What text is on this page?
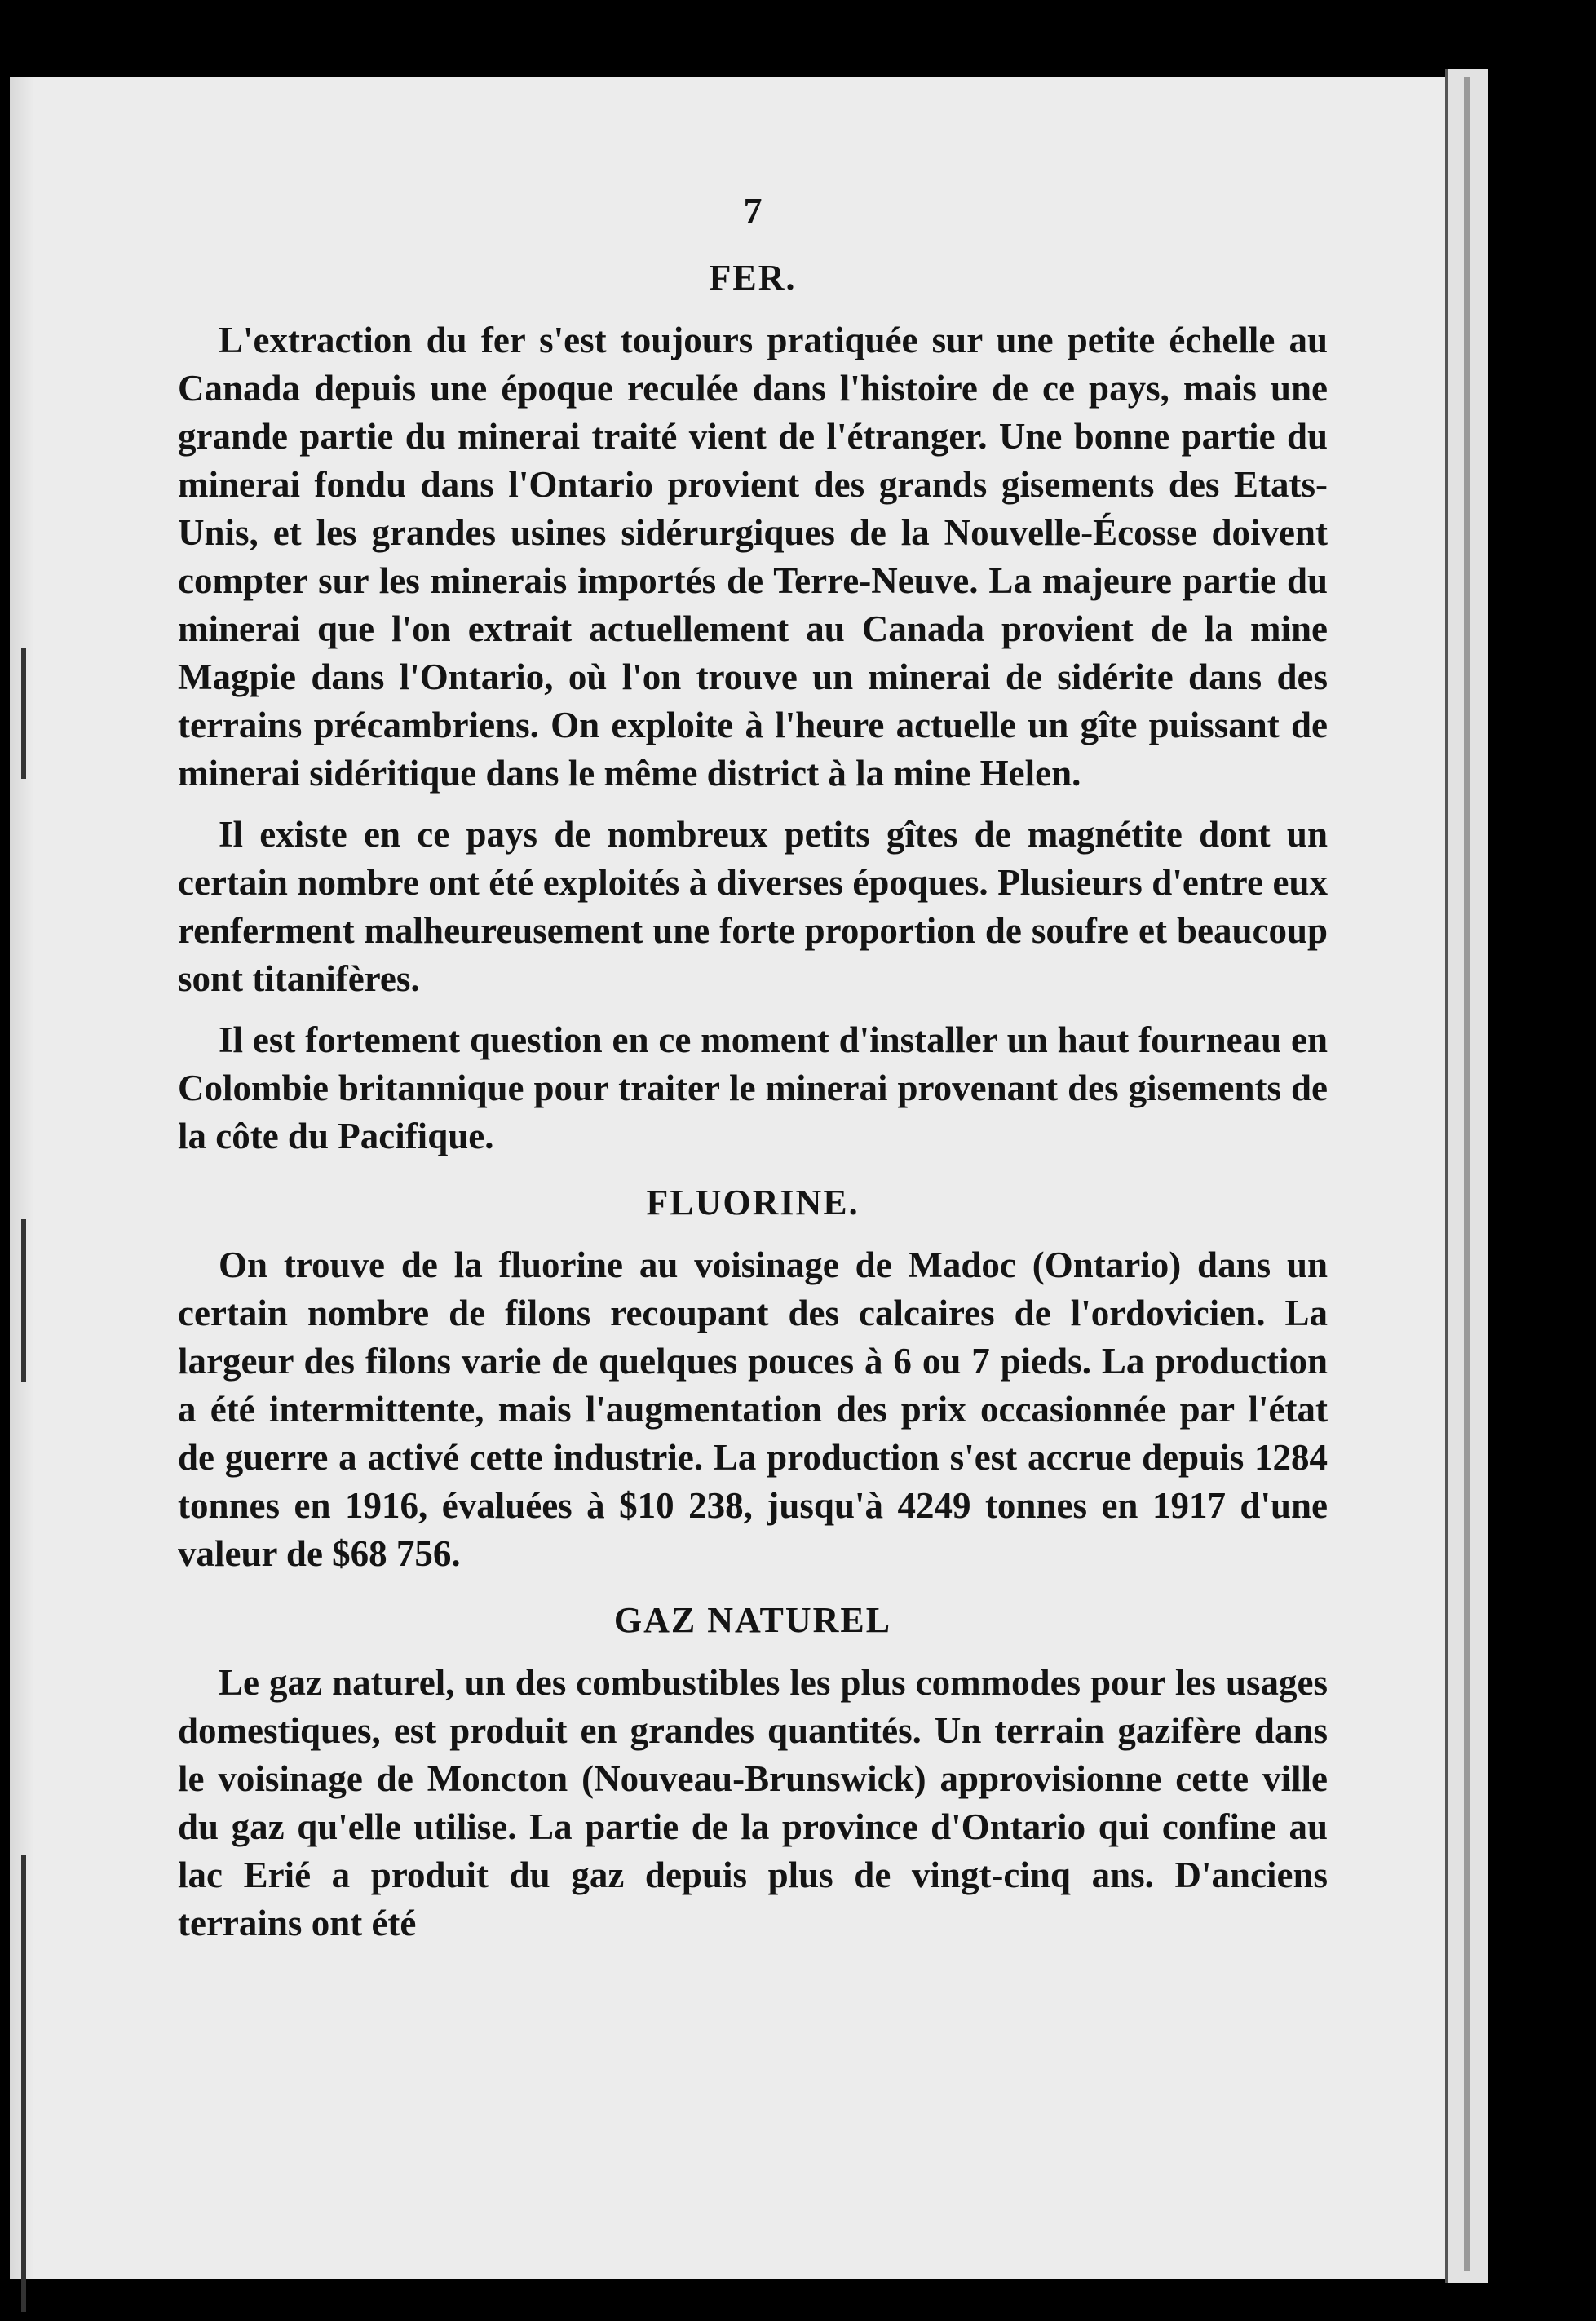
7
FER.

L'extraction du fer s'est toujours pratiquée sur une petite échelle au Canada depuis une époque reculée dans l'histoire de ce pays, mais une grande partie du minerai traité vient de l'étranger. Une bonne partie du minerai fondu dans l'Ontario provient des grands gisements des Etats-Unis, et les grandes usines sidérurgiques de la Nouvelle-Écosse doivent compter sur les minerais importés de Terre-Neuve. La majeure partie du minerai que l'on extrait actuellement au Canada provient de la mine Magpie dans l'Ontario, où l'on trouve un minerai de sidérite dans des terrains précambriens. On exploite à l'heure actuelle un gîte puissant de minerai sidéritique dans le même district à la mine Helen.

Il existe en ce pays de nombreux petits gîtes de magnétite dont un certain nombre ont été exploités à diverses époques. Plusieurs d'entre eux renferment malheureusement une forte proportion de soufre et beaucoup sont titanifères.

Il est fortement question en ce moment d'installer un haut fourneau en Colombie britannique pour traiter le minerai provenant des gisements de la côte du Pacifique.

FLUORINE.

On trouve de la fluorine au voisinage de Madoc (Ontario) dans un certain nombre de filons recoupant des calcaires de l'ordovicien. La largeur des filons varie de quelques pouces à 6 ou 7 pieds. La production a été intermittente, mais l'augmentation des prix occasionnée par l'état de guerre a activé cette industrie. La production s'est accrue depuis 1284 tonnes en 1916, évaluées à $10 238, jusqu'à 4249 tonnes en 1917 d'une valeur de $68 756.

GAZ NATUREL

Le gaz naturel, un des combustibles les plus commodes pour les usages domestiques, est produit en grandes quantités. Un terrain gazifère dans le voisinage de Moncton (Nouveau-Brunswick) approvisionne cette ville du gaz qu'elle utilise. La partie de la province d'Ontario qui confine au lac Erié a produit du gaz depuis plus de vingt-cinq ans. D'anciens terrains ont été
